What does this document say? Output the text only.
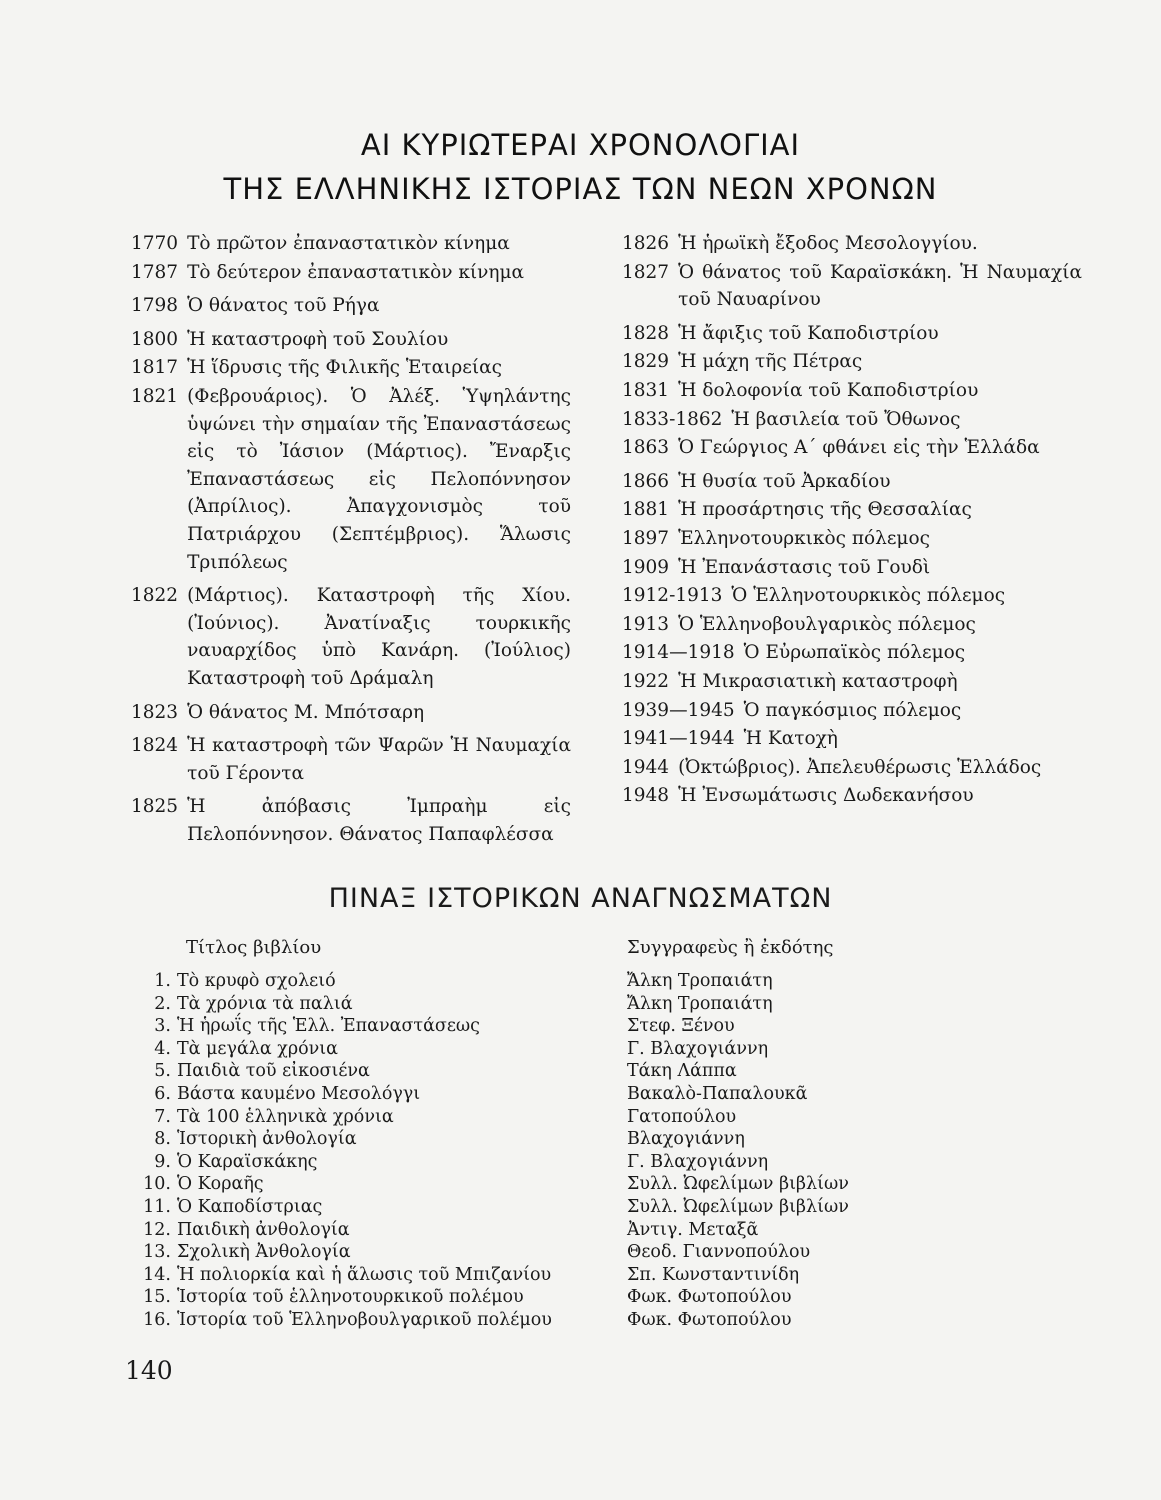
ΑΙ ΚΥΡΙΩΤΕΡΑΙ ΧΡΟΝΟΛΟΓΙΑΙ
ΤΗΣ ΕΛΛΗΝΙΚΗΣ ΙΣΤΟΡΙΑΣ ΤΩΝ ΝΕΩΝ ΧΡΟΝΩΝ
1770 Τὸ πρῶτον ἐπαναστατικὸν κίνημα
1787 Τὸ δεύτερον ἐπαναστατικὸν κίνημα
1798 Ὁ θάνατος τοῦ Ρήγα
1800 Ἡ καταστροφὴ τοῦ Σουλίου
1817 Ἡ ἵδρυσις τῆς Φιλικῆς Ἑταιρείας
1821 (Φεβρουάριος). Ὁ Ἀλέξ. Ὑψηλάντης ὑψώνει τὴν σημαίαν τῆς Ἐπαναστάσεως εἰς τὸ Ἰάσιον (Μάρτιος). Ἔναρξις Ἐπαναστάσεως εἰς Πελοπόννησον (Ἀπρίλιος). Ἀπαγχονισμὸς τοῦ Πατριάρχου (Σεπτέμβριος). Ἅλωσις Τριπόλεως
1822 (Μάρτιος). Καταστροφὴ τῆς Χίου. (Ἰούνιος). Ἀνατίναξις τουρκικῆς ναυαρχίδος ὑπὸ Κανάρη. (Ἰούλιος) Καταστροφὴ τοῦ Δράμαλη
1823 Ὁ θάνατος Μ. Μπότσαρη
1824 Ἡ καταστροφὴ τῶν Ψαρῶν Ἡ Ναυμαχία τοῦ Γέροντα
1825 Ἡ ἀπόβασις Ἰμπραὴμ εἰς Πελοπόννησον. Θάνατος Παπαφλέσσα
1826 Ἡ ἡρωϊκὴ ἔξοδος Μεσολογγίου.
1827 Ὁ θάνατος τοῦ Καραϊσκάκη. Ἡ Ναυμαχία τοῦ Ναυαρίνου
1828 Ἡ ἄφιξις τοῦ Καποδιστρίου
1829 Ἡ μάχη τῆς Πέτρας
1831 Ἡ δολοφονία τοῦ Καποδιστρίου
1833-1862 Ἡ βασιλεία τοῦ Ὄθωνος
1863 Ὁ Γεώργιος Α΄ φθάνει εἰς τὴν Ἑλλάδα
1866 Ἡ θυσία τοῦ Ἀρκαδίου
1881 Ἡ προσάρτησις τῆς Θεσσαλίας
1897 Ἑλληνοτουρκικὸς πόλεμος
1909 Ἡ Ἐπανάστασις τοῦ Γουδὶ
1912-1913 Ὁ Ἑλληνοτουρκικὸς πόλεμος
1913 Ὁ Ἑλληνοβουλγαρικὸς πόλεμος
1914—1918 Ὁ Εὐρωπαϊκὸς πόλεμος
1922 Ἡ Μικρασιατικὴ καταστροφὴ
1939—1945 Ὁ παγκόσμιος πόλεμος
1941—1944 Ἡ Κατοχὴ
1944 (Ὀκτώβριος). Ἀπελευθέρωσις Ἑλλάδος
1948 Ἡ Ἐνσωμάτωσις Δωδεκανήσου
ΠΙΝΑΞ ΙΣΤΟΡΙΚΩΝ ΑΝΑΓΝΩΣΜΑΤΩΝ
Τίτλος βιβλίου	Συγγραφεὺς ἢ ἐκδότης
1. Τὸ κρυφὸ σχολειό	Ἄλκη Τροπαιάτη
2. Τὰ χρόνια τὰ παλιά	Ἄλκη Τροπαιάτη
3. Ἡ ἡρωΐς τῆς Ἑλλ. Ἐπαναστάσεως	Στεφ. Ξένου
4. Τὰ μεγάλα χρόνια	Γ. Βλαχογιάννη
5. Παιδιὰ τοῦ εἰκοσιένα	Τάκη Λάππα
6. Βάστα καυμένο Μεσολόγγι	Βακαλὸ-Παπαλουκᾶ
7. Τὰ 100 ἑλληνικὰ χρόνια	Γατοπούλου
8. Ἱστορικὴ ἀνθολογία	Βλαχογιάννη
9. Ὁ Καραϊσκάκης	Γ. Βλαχογιάννη
10. Ὁ Κοραῆς	Συλλ. Ὠφελίμων βιβλίων
11. Ὁ Καποδίστριας	Συλλ. Ὠφελίμων βιβλίων
12. Παιδικὴ ἀνθολογία	Ἀντιγ. Μεταξᾶ
13. Σχολικὴ Ἀνθολογία	Θεοδ. Γιαννοπούλου
14. Ἡ πολιορκία καὶ ἡ ἅλωσις τοῦ Μπιζανίου	Σπ. Κωνσταντινίδη
15. Ἱστορία τοῦ ἑλληνοτουρκικοῦ πολέμου	Φωκ. Φωτοπούλου
16. Ἱστορία τοῦ Ἑλληνοβουλγαρικοῦ πολέμου	Φωκ. Φωτοπούλου
140
